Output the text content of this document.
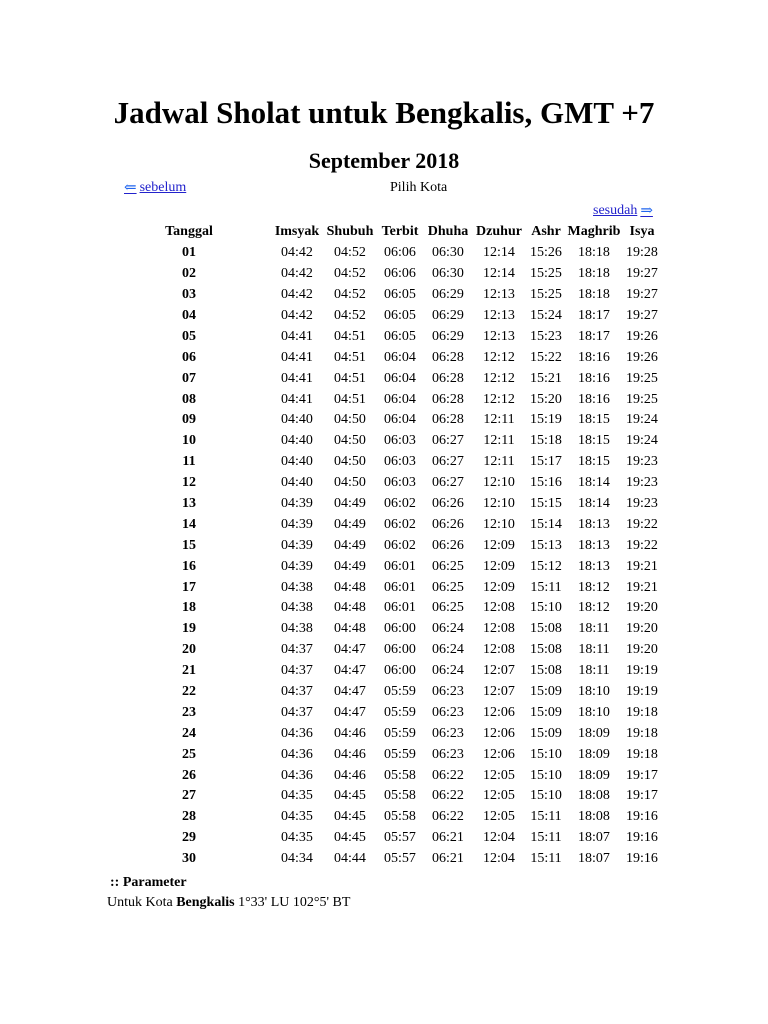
Jadwal Sholat untuk Bengkalis, GMT +7
September 2018
⇐ sebelum	Pilih Kota
sesudah ⇒
Tanggal		Imsyak	Shubuh	Terbit	Dhuha	Dzuhur	Ashr	Maghrib	Isya
01		04:42	04:52	06:06	06:30	12:14	15:26	18:18	19:28
02		04:42	04:52	06:06	06:30	12:14	15:25	18:18	19:27
03		04:42	04:52	06:05	06:29	12:13	15:25	18:18	19:27
04		04:42	04:52	06:05	06:29	12:13	15:24	18:17	19:27
05		04:41	04:51	06:05	06:29	12:13	15:23	18:17	19:26
06		04:41	04:51	06:04	06:28	12:12	15:22	18:16	19:26
07		04:41	04:51	06:04	06:28	12:12	15:21	18:16	19:25
08		04:41	04:51	06:04	06:28	12:12	15:20	18:16	19:25
09		04:40	04:50	06:04	06:28	12:11	15:19	18:15	19:24
10		04:40	04:50	06:03	06:27	12:11	15:18	18:15	19:24
11		04:40	04:50	06:03	06:27	12:11	15:17	18:15	19:23
12		04:40	04:50	06:03	06:27	12:10	15:16	18:14	19:23
13		04:39	04:49	06:02	06:26	12:10	15:15	18:14	19:23
14		04:39	04:49	06:02	06:26	12:10	15:14	18:13	19:22
15		04:39	04:49	06:02	06:26	12:09	15:13	18:13	19:22
16		04:39	04:49	06:01	06:25	12:09	15:12	18:13	19:21
17		04:38	04:48	06:01	06:25	12:09	15:11	18:12	19:21
18		04:38	04:48	06:01	06:25	12:08	15:10	18:12	19:20
19		04:38	04:48	06:00	06:24	12:08	15:08	18:11	19:20
20		04:37	04:47	06:00	06:24	12:08	15:08	18:11	19:20
21		04:37	04:47	06:00	06:24	12:07	15:08	18:11	19:19
22		04:37	04:47	05:59	06:23	12:07	15:09	18:10	19:19
23		04:37	04:47	05:59	06:23	12:06	15:09	18:10	19:18
24		04:36	04:46	05:59	06:23	12:06	15:09	18:09	19:18
25		04:36	04:46	05:59	06:23	12:06	15:10	18:09	19:18
26		04:36	04:46	05:58	06:22	12:05	15:10	18:09	19:17
27		04:35	04:45	05:58	06:22	12:05	15:10	18:08	19:17
28		04:35	04:45	05:58	06:22	12:05	15:11	18:08	19:16
29		04:35	04:45	05:57	06:21	12:04	15:11	18:07	19:16
30		04:34	04:44	05:57	06:21	12:04	15:11	18:07	19:16
:: Parameter
Untuk Kota Bengkalis 1°33' LU 102°5' BT
